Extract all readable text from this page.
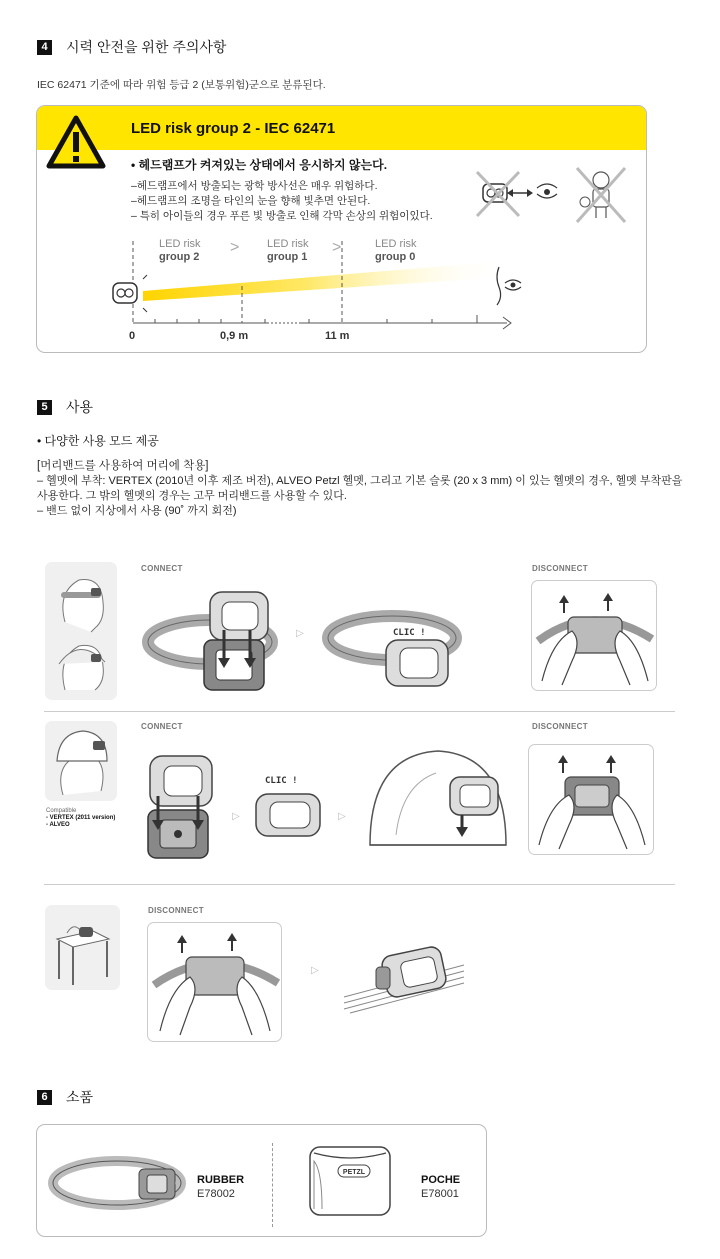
4	시력 안전을 위한 주의사항
IEC 62471 기준에 따라 위험 등급 2 (보통위험)군으로 분류된다.
LED risk group 2 - IEC 62471
• 헤드램프가 켜져있는 상태에서 응시하지 않는다.
–헤드램프에서 방출되는 광학 방사선은 매우 위험하다.
–헤드램프의 조명을 타인의 눈을 향해 빛추면 안된다.
– 특히 아이들의 경우 푸른 빛 방출로 인해 각막 손상의 위험이있다.
LED risk
group 2
>	LED risk
group 1
>	LED risk
group 0
0	0,9 m	11 m
5	사용
• 다양한 사용 모드 제공
[머리밴드를 사용하여 머리에 착용]
– 헬멧에 부착: VERTEX (2010년 이후 제조 버전), ALVEO Petzl 헬멧, 그리고 기본 슬롯 (20 x 3 mm) 이 있는 헬멧의 경우, 헬멧 부착판을 사용한다. 그 밖의 헬멧의 경우는 고무 머리밴드를 사용할 수 있다.
– 밴드 없이 지상에서 사용 (90˚ 까지 회전)
CONNECT
▷	CLIC !
DISCONNECT
Compatible
- VERTEX (2011 version)
- ALVEO
CONNECT
▷
CLIC !
▷
DISCONNECT
DISCONNECT
▷
6	소품
RUBBER
E78002
PETZL
POCHE
E78001
